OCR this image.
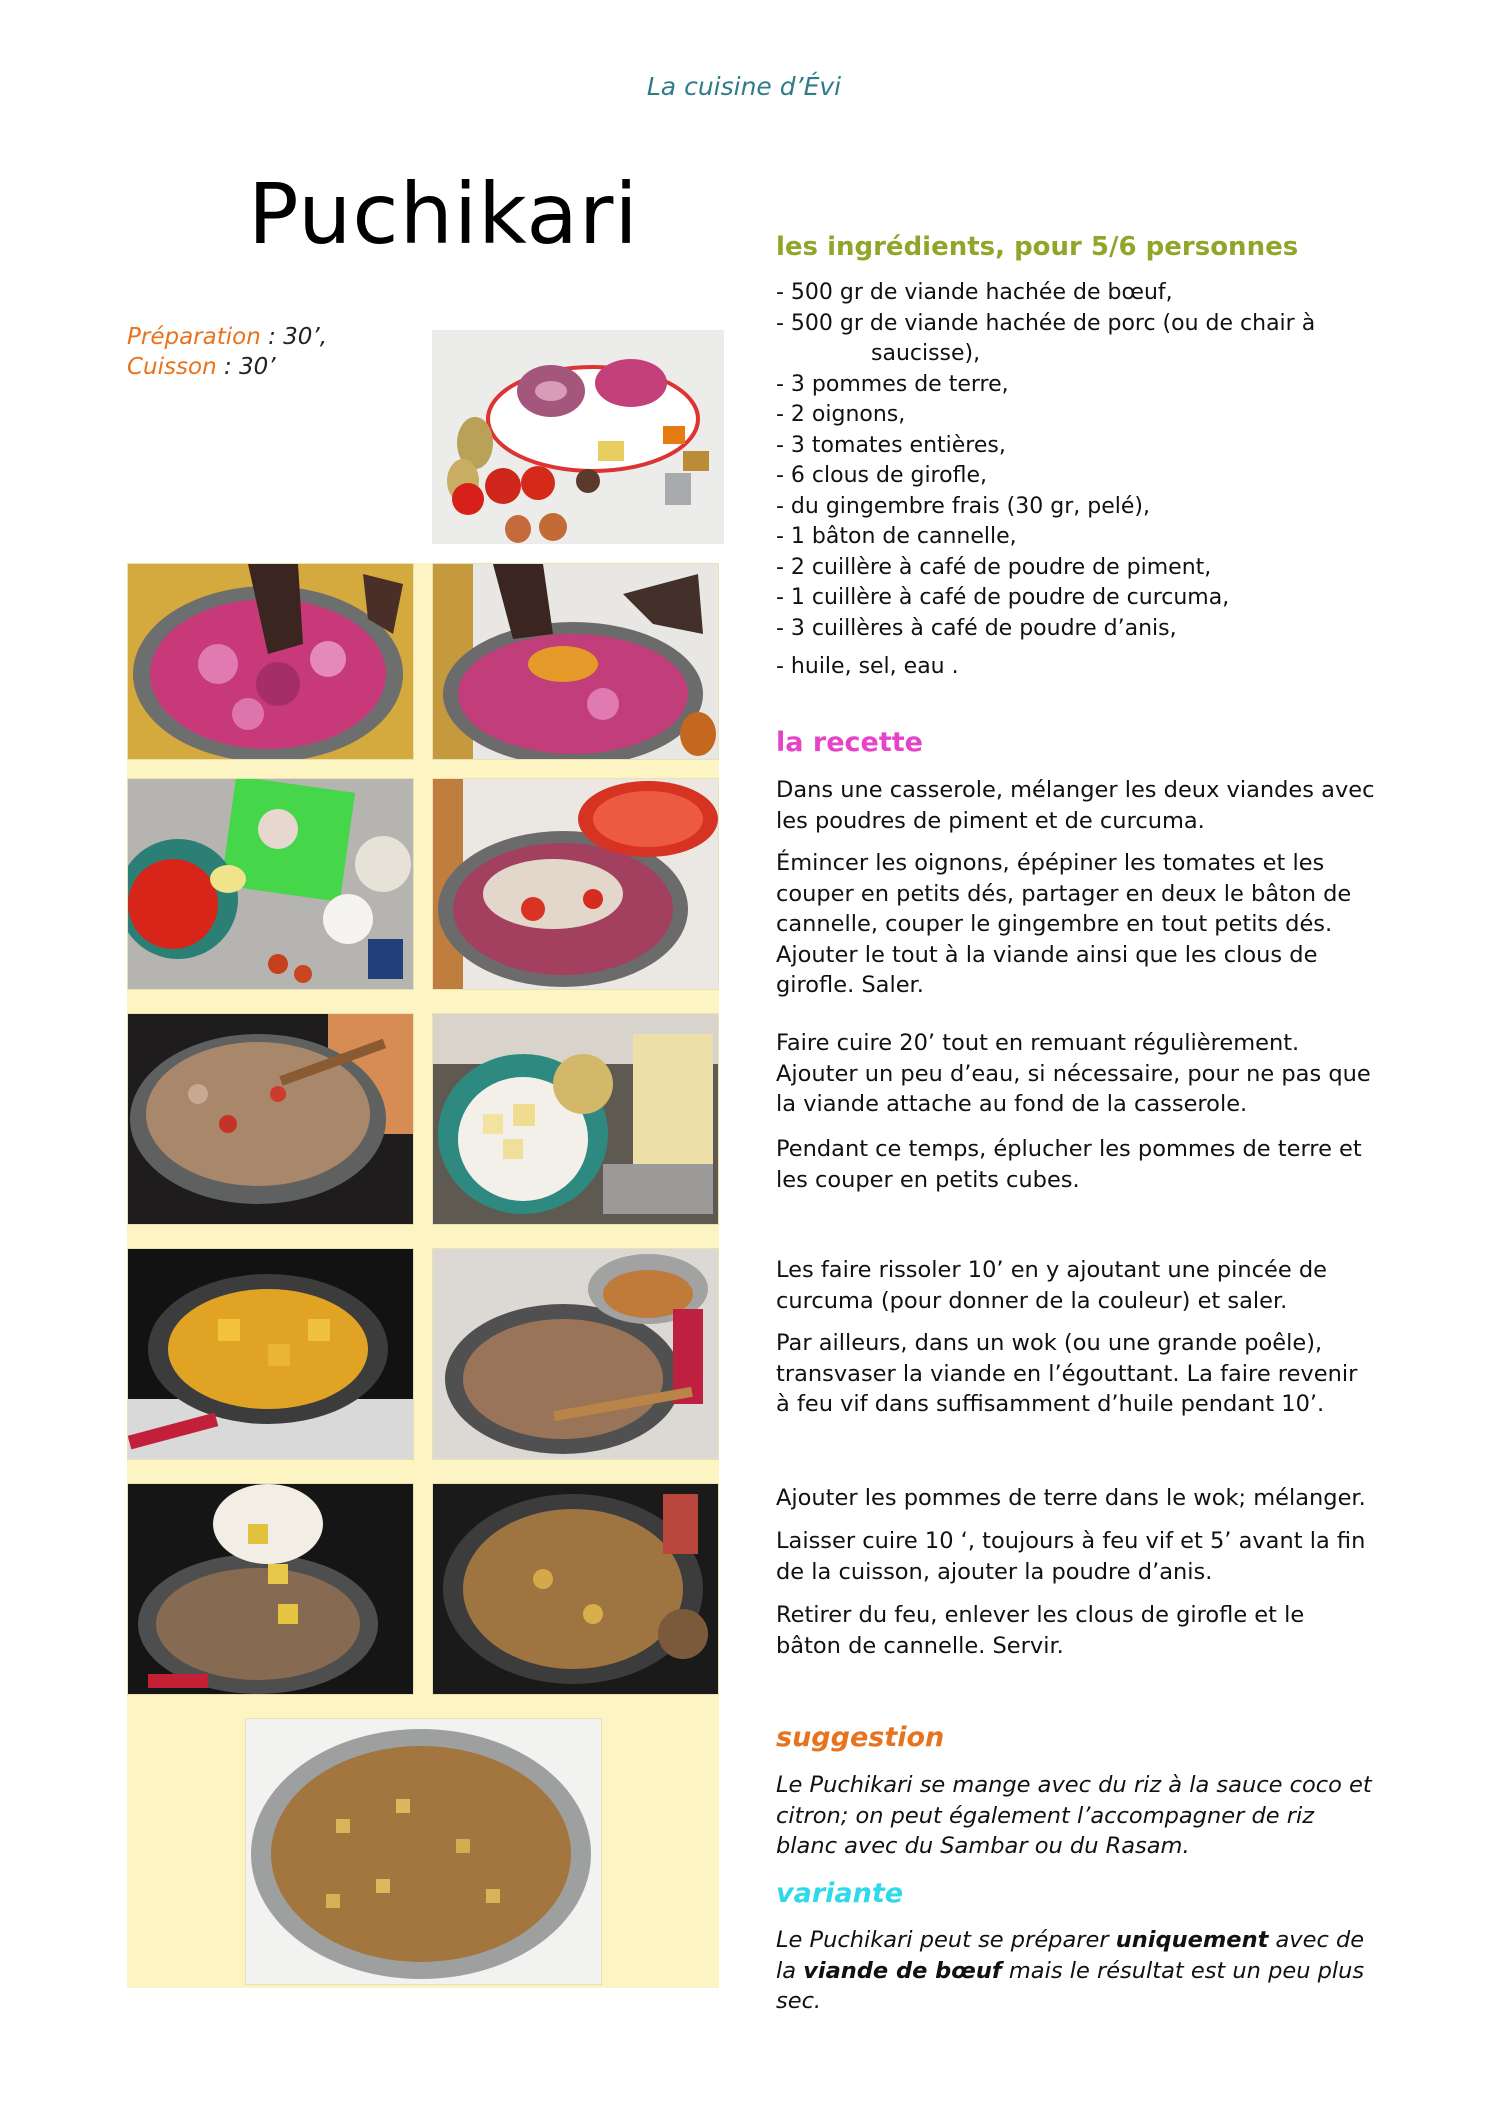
La cuisine d’Évi
Puchikari
Préparation : 30’,
Cuisson : 30’
les ingrédients, pour 5/6 personnes
- 500 gr de viande hachée de bœuf,
- 500 gr de viande hachée de porc (ou de chair à
saucisse),
- 3 pommes de terre,
- 2 oignons,
- 3 tomates entières,
- 6 clous de girofle,
- du gingembre frais (30 gr, pelé),
- 1 bâton de cannelle,
- 2 cuillère à café de poudre de piment,
- 1 cuillère à café de poudre de curcuma,
- 3 cuillères à café de poudre d’anis,
- huile, sel, eau .
la recette

Dans une casserole, mélanger les deux viandes avec les poudres de piment et de curcuma.

Émincer les oignons, épépiner les tomates et les couper en petits dés, partager en deux le bâton de cannelle, couper le gingembre en tout petits dés. Ajouter le tout à la viande ainsi que les clous de girofle. Saler.

Faire cuire 20’ tout en remuant régulièrement. Ajouter un peu d’eau, si nécessaire, pour ne pas que la viande attache au fond de la casserole.

Pendant ce temps, éplucher les pommes de terre et les couper en petits cubes.

Les faire rissoler 10’ en y ajoutant une pincée de curcuma (pour donner de la couleur) et saler.

Par ailleurs, dans un wok (ou une grande poêle), transvaser la viande en l’égouttant. La faire revenir à feu vif dans suffisamment d’huile pendant 10’.

Ajouter les pommes de terre dans le wok; mélanger.

Laisser cuire 10 ‘, toujours à feu vif et 5’ avant la fin de la cuisson, ajouter la poudre d’anis.

Retirer du feu, enlever les clous de girofle et le bâton de cannelle. Servir.

suggestion

Le Puchikari se mange avec du riz à la sauce coco et citron; on peut également l’accompagner de riz blanc avec du Sambar ou du Rasam.

variante

Le Puchikari peut se préparer uniquement avec de la viande de bœuf mais le résultat est un peu plus sec.
